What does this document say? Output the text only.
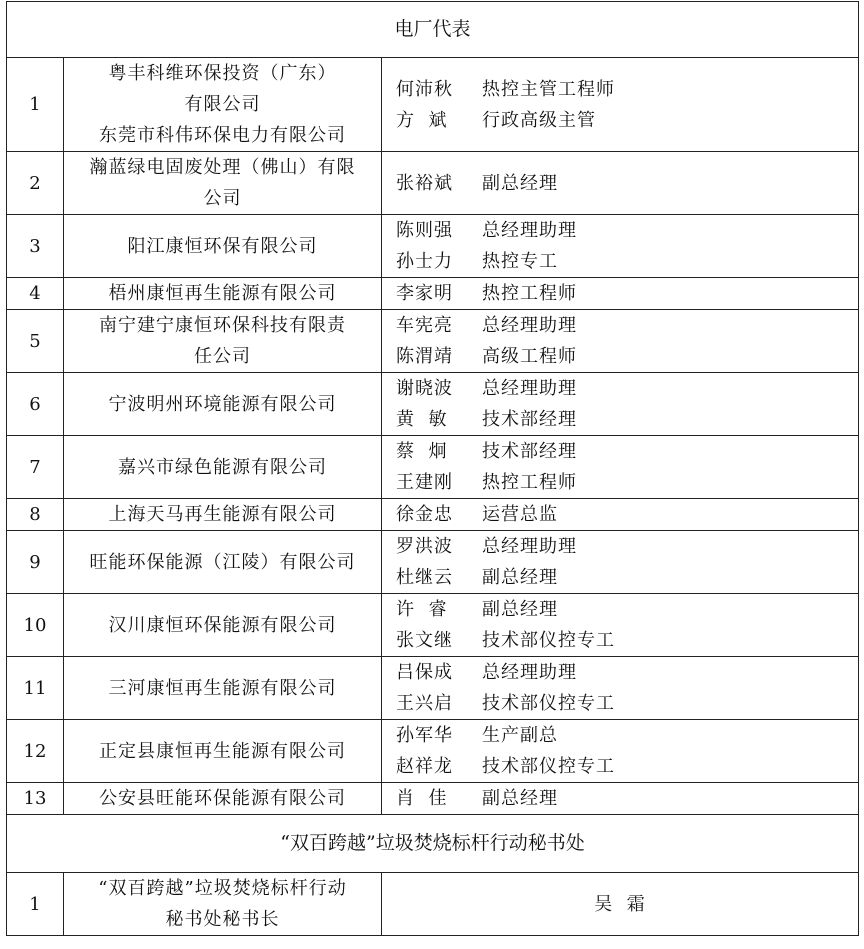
电厂代表		
1	粤丰科维环保投资（广东）
有限公司
东莞市科伟环保电力有限公司	何沛秋 热控主管工程师
方  斌 行政高级主管

2	瀚蓝绿电固废处理（佛山）有限
公司	张裕斌 副总经理

3	阳江康恒环保有限公司	陈则强 总经理助理
孙士力 热控专工

4	梧州康恒再生能源有限公司	李家明 热控工程师

5	南宁建宁康恒环保科技有限责
任公司	车宪亮 总经理助理
陈渭靖 高级工程师

6	宁波明州环境能源有限公司	谢晓波 总经理助理
黄  敏 技术部经理

7	嘉兴市绿色能源有限公司	蔡  炯 技术部经理
王建刚 热控工程师

8	上海天马再生能源有限公司	徐金忠 运营总监

9	旺能环保能源（江陵）有限公司	罗洪波 总经理助理
杜继云 副总经理

10	汉川康恒环保能源有限公司	许  睿 副总经理
张文继 技术部仪控专工

11	三河康恒再生能源有限公司	吕保成 总经理助理
王兴启 技术部仪控专工

12	正定县康恒再生能源有限公司	孙军华 生产副总
赵祥龙 技术部仪控专工

13	公安县旺能环保能源有限公司	肖  佳 副总经理

“双百跨越”垃圾焚烧标杆行动秘书处		
1	“双百跨越”垃圾焚烧标杆行动
秘书处秘书长	吴  霜
